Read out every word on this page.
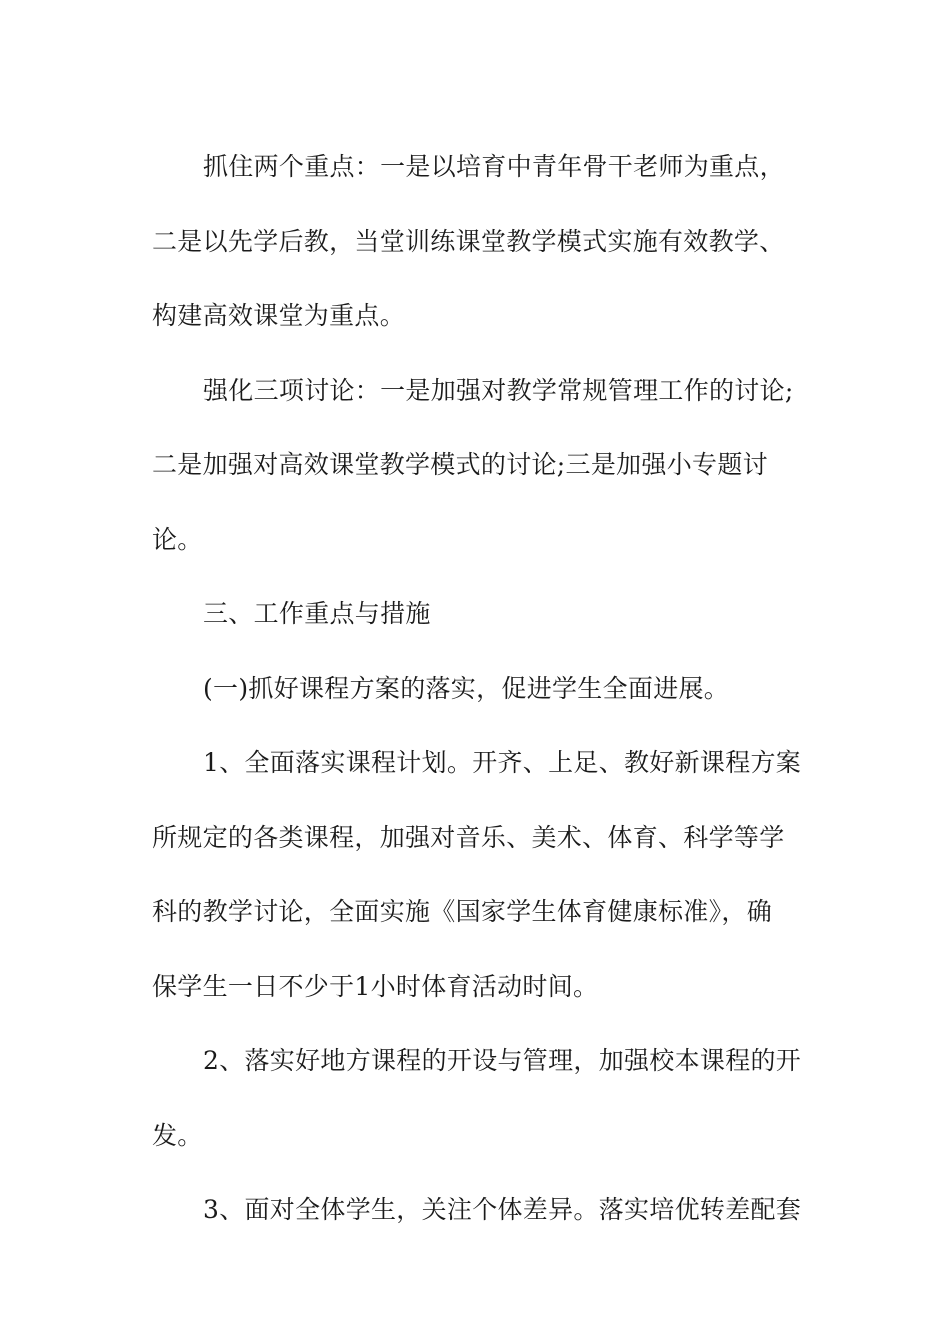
抓住两个重点：一是以培育中青年骨干老师为重点，
二是以先学后教，当堂训练课堂教学模式实施有效教学、
构建高效课堂为重点。
强化三项讨论：一是加强对教学常规管理工作的讨论;
二是加强对高效课堂教学模式的讨论;三是加强小专题讨
论。
三、工作重点与措施
(一)抓好课程方案的落实，促进学生全面进展。
1、全面落实课程计划。开齐、上足、教好新课程方案
所规定的各类课程，加强对音乐、美术、体育、科学等学
科的教学讨论，全面实施《国家学生体育健康标准》，确
保学生一日不少于1小时体育活动时间。
2、落实好地方课程的开设与管理，加强校本课程的开
发。
3、面对全体学生，关注个体差异。落实培优转差配套
